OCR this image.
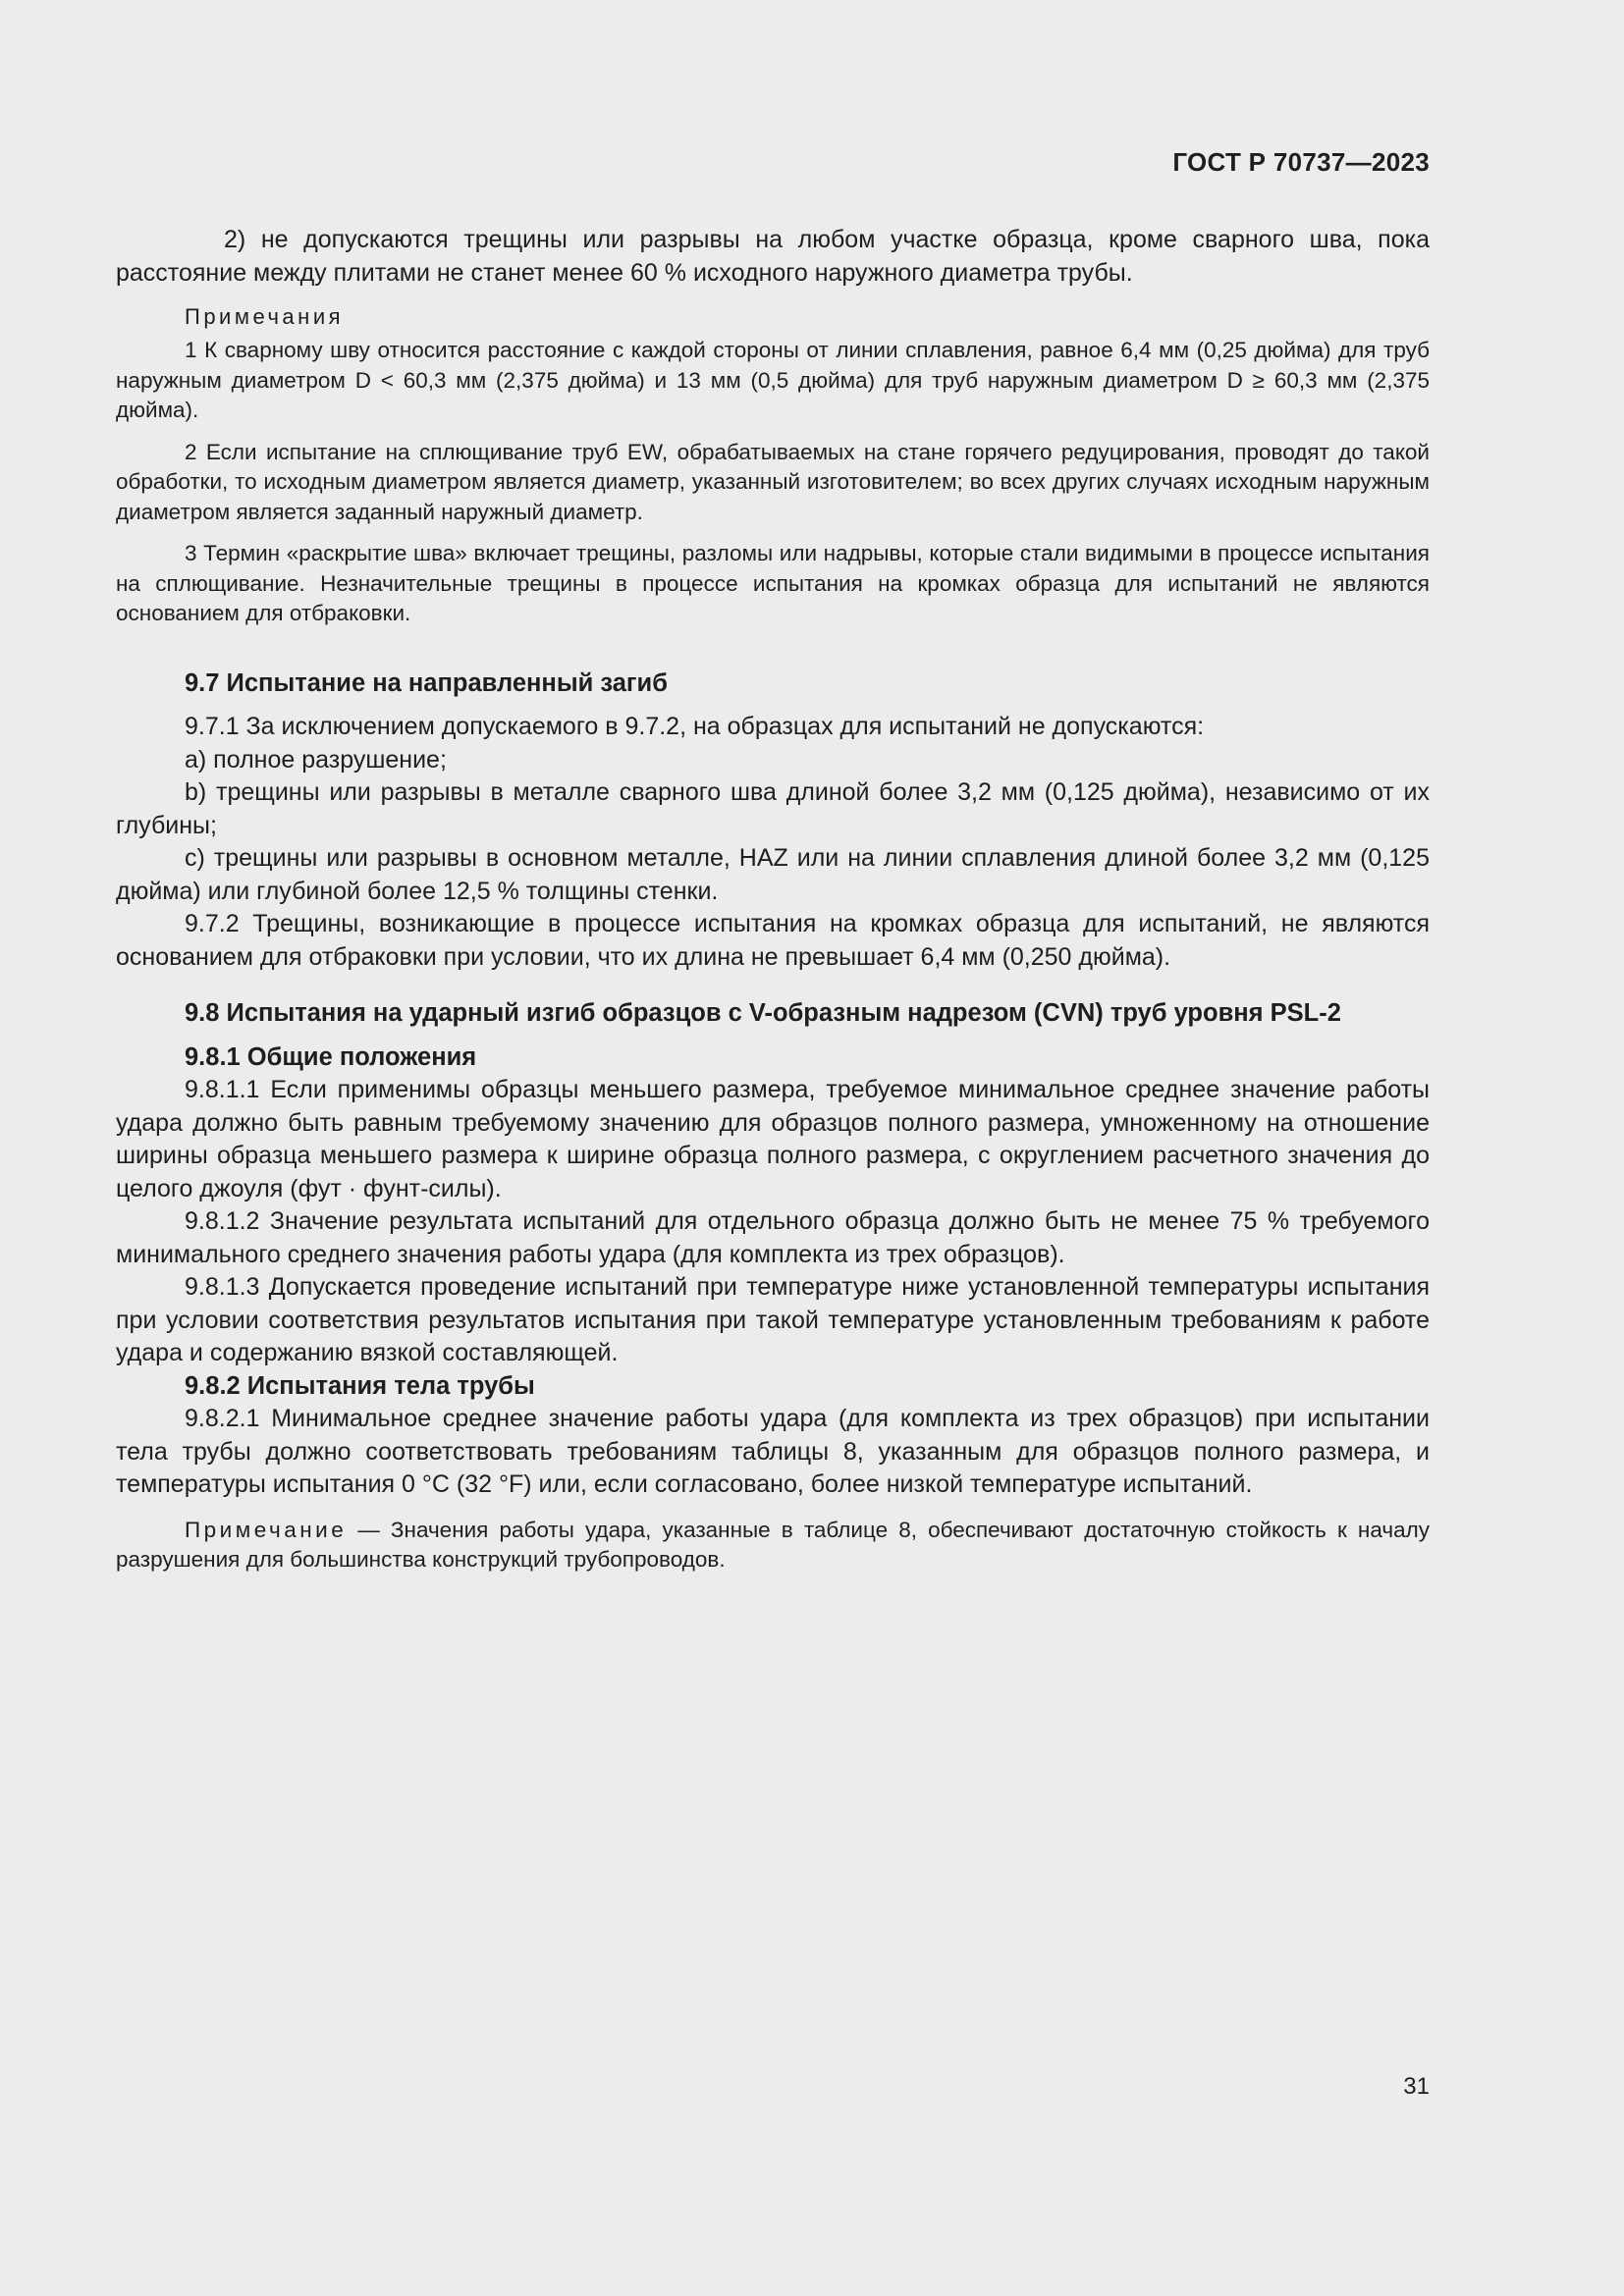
ГОСТ Р 70737—2023

2) не допускаются трещины или разрывы на любом участке образца, кроме сварного шва, пока расстояние между плитами не станет менее 60 % исходного наружного диаметра трубы.

Примечания

1 К сварному шву относится расстояние с каждой стороны от линии сплавления, равное 6,4 мм (0,25 дюйма) для труб наружным диаметром D < 60,3 мм (2,375 дюйма) и 13 мм (0,5 дюйма) для труб наружным диаметром D ≥ 60,3 мм (2,375 дюйма).

2 Если испытание на сплющивание труб EW, обрабатываемых на стане горячего редуцирования, проводят до такой обработки, то исходным диаметром является диаметр, указанный изготовителем; во всех других случаях исходным наружным диаметром является заданный наружный диаметр.

3 Термин «раскрытие шва» включает трещины, разломы или надрывы, которые стали видимыми в процессе испытания на сплющивание. Незначительные трещины в процессе испытания на кромках образца для испытаний не являются основанием для отбраковки.

9.7 Испытание на направленный загиб

9.7.1 За исключением допускаемого в 9.7.2, на образцах для испытаний не допускаются:

а) полное разрушение;

b) трещины или разрывы в металле сварного шва длиной более 3,2 мм (0,125 дюйма), независимо от их глубины;

с) трещины или разрывы в основном металле, HAZ или на линии сплавления длиной более 3,2 мм (0,125 дюйма) или глубиной более 12,5 % толщины стенки.

9.7.2 Трещины, возникающие в процессе испытания на кромках образца для испытаний, не являются основанием для отбраковки при условии, что их длина не превышает 6,4 мм (0,250 дюйма).

9.8 Испытания на ударный изгиб образцов с V-образным надрезом (CVN) труб уровня PSL-2

9.8.1 Общие положения

9.8.1.1 Если применимы образцы меньшего размера, требуемое минимальное среднее значение работы удара должно быть равным требуемому значению для образцов полного размера, умноженному на отношение ширины образца меньшего размера к ширине образца полного размера, с округлением расчетного значения до целого джоуля (фут · фунт-силы).

9.8.1.2 Значение результата испытаний для отдельного образца должно быть не менее 75 % требуемого минимального среднего значения работы удара (для комплекта из трех образцов).

9.8.1.3 Допускается проведение испытаний при температуре ниже установленной температуры испытания при условии соответствия результатов испытания при такой температуре установленным требованиям к работе удара и содержанию вязкой составляющей.

9.8.2 Испытания тела трубы

9.8.2.1 Минимальное среднее значение работы удара (для комплекта из трех образцов) при испытании тела трубы должно соответствовать требованиям таблицы 8, указанным для образцов полного размера, и температуры испытания 0 °С (32 °F) или, если согласовано, более низкой температуре испытаний.

Примечание — Значения работы удара, указанные в таблице 8, обеспечивают достаточную стойкость к началу разрушения для большинства конструкций трубопроводов.

31
